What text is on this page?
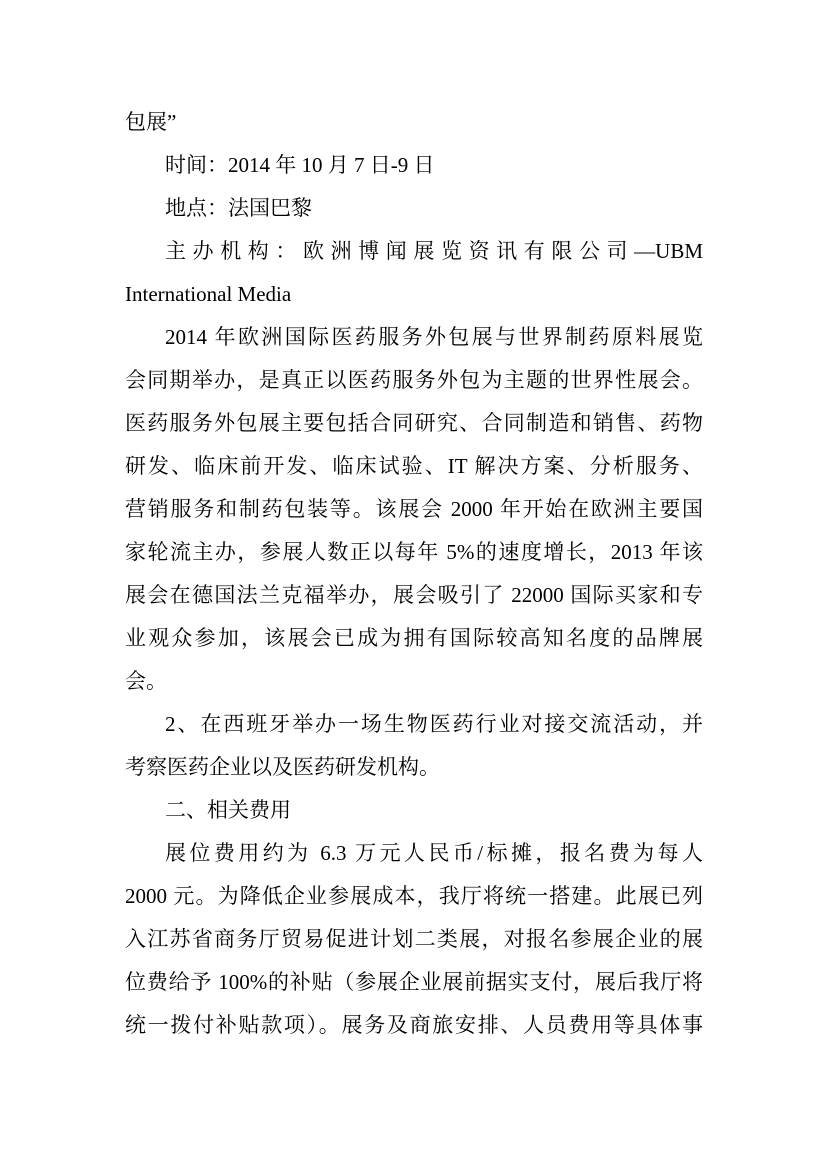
包展”
时间：2014 年 10 月 7 日-9 日
地点：法国巴黎
主办机构：欧洲博闻展览资讯有限公司—UBM
International Media
2014 年欧洲国际医药服务外包展与世界制药原料展览
会同期举办，是真正以医药服务外包为主题的世界性展会。
医药服务外包展主要包括合同研究、合同制造和销售、药物
研发、临床前开发、临床试验、IT 解决方案、分析服务、
营销服务和制药包装等。该展会 2000 年开始在欧洲主要国
家轮流主办，参展人数正以每年 5%的速度增长，2013 年该
展会在德国法兰克福举办，展会吸引了 22000 国际买家和专
业观众参加，该展会已成为拥有国际较高知名度的品牌展
会。
2、在西班牙举办一场生物医药行业对接交流活动，并
考察医药企业以及医药研发机构。
二、相关费用
展位费用约为 6.3 万元人民币/标摊，报名费为每人
2000 元。为降低企业参展成本，我厅将统一搭建。此展已列
入江苏省商务厅贸易促进计划二类展，对报名参展企业的展
位费给予 100%的补贴（参展企业展前据实支付，展后我厅将
统一拨付补贴款项）。展务及商旅安排、人员费用等具体事
